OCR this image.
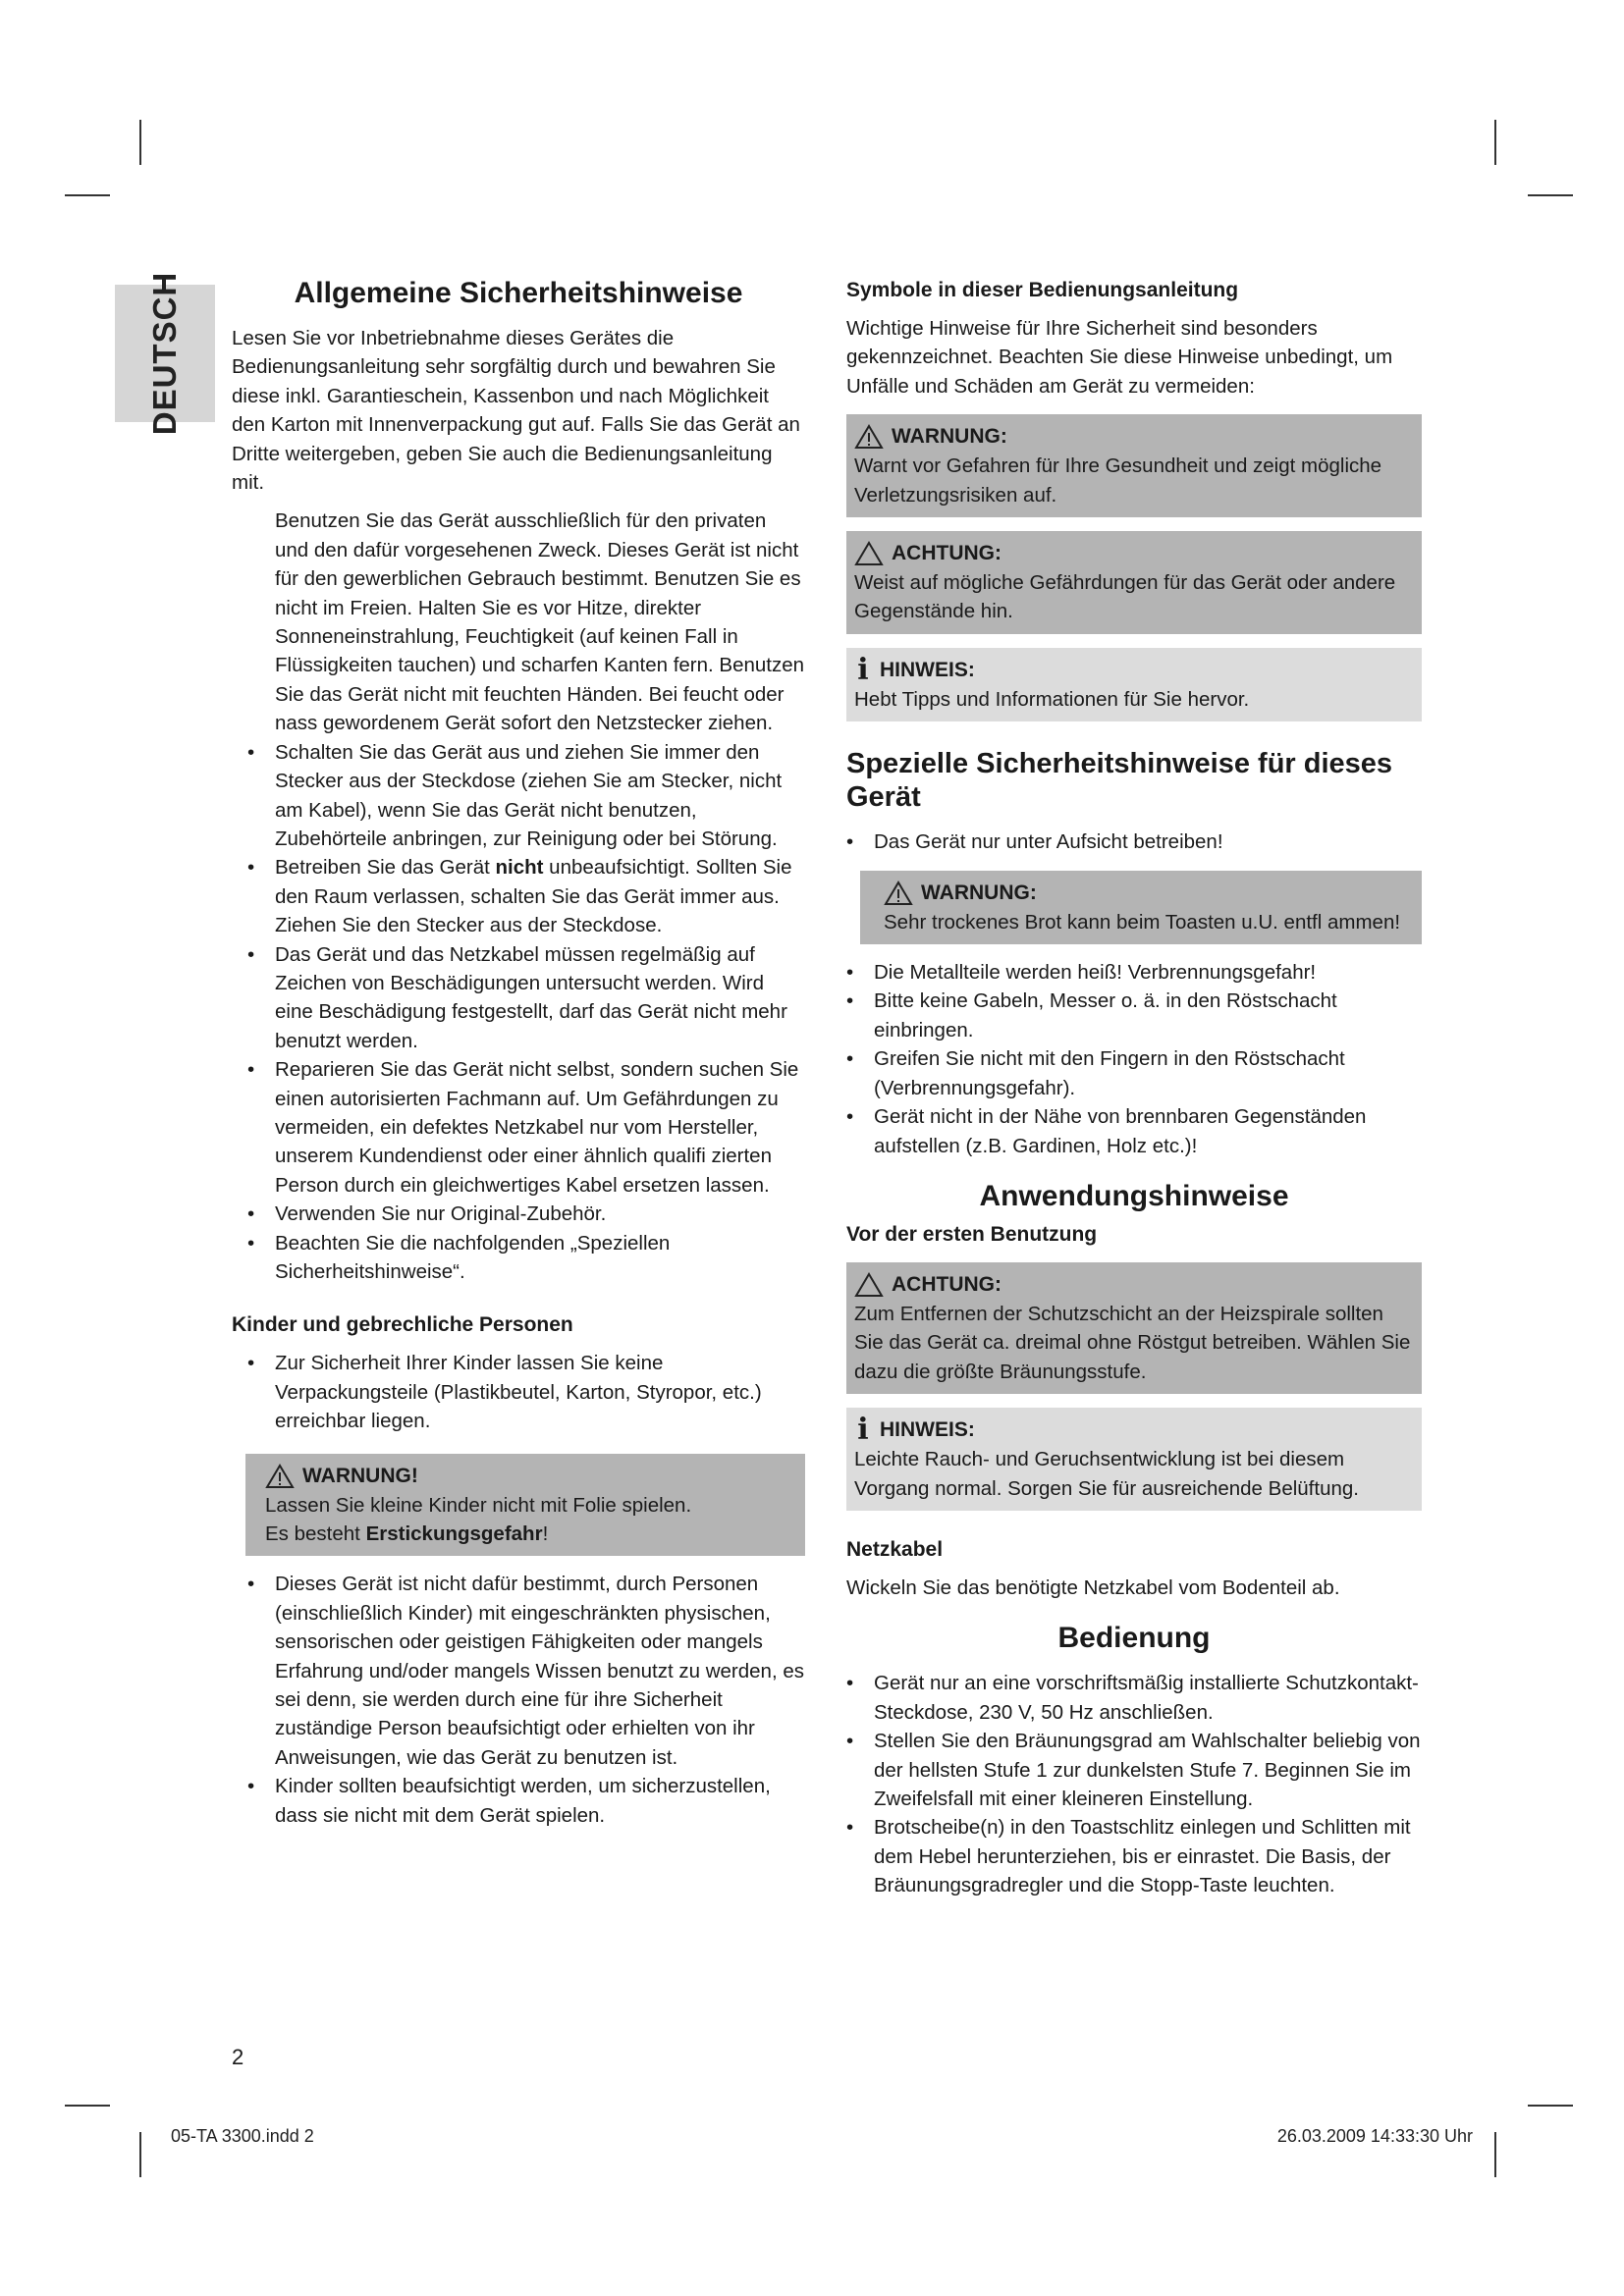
DEUTSCH	Allgemeine Sicherheitshinweise

Lesen Sie vor Inbetriebnahme dieses Gerätes die Bedienungsanleitung sehr sorgfältig durch und bewahren Sie diese inkl. Garantieschein, Kassenbon und nach Möglichkeit den Karton mit Innenverpackung gut auf. Falls Sie das Gerät an Dritte weitergeben, geben Sie auch die Bedienungsanleitung mit.

Benutzen Sie das Gerät ausschließlich für den privaten und den dafür vorgesehenen Zweck. Dieses Gerät ist nicht für den gewerblichen Gebrauch bestimmt. Benutzen Sie es nicht im Freien. Halten Sie es vor Hitze, direkter Sonneneinstrahlung, Feuchtigkeit (auf keinen Fall in Flüssigkeiten tauchen) und scharfen Kanten fern. Benutzen Sie das Gerät nicht mit feuchten Händen. Bei feucht oder nass gewordenem Gerät sofort den Netzstecker ziehen.
• Schalten Sie das Gerät aus und ziehen Sie immer den Stecker aus der Steckdose (ziehen Sie am Stecker, nicht am Kabel), wenn Sie das Gerät nicht benutzen, Zubehörteile anbringen, zur Reinigung oder bei Störung.
• Betreiben Sie das Gerät nicht unbeaufsichtigt. Sollten Sie den Raum verlassen, schalten Sie das Gerät immer aus. Ziehen Sie den Stecker aus der Steckdose.
• Das Gerät und das Netzkabel müssen regelmäßig auf Zeichen von Beschädigungen untersucht werden. Wird eine Beschädigung festgestellt, darf das Gerät nicht mehr benutzt werden.
• Reparieren Sie das Gerät nicht selbst, sondern suchen Sie einen autorisierten Fachmann auf. Um Gefährdungen zu vermeiden, ein defektes Netzkabel nur vom Hersteller, unserem Kundendienst oder einer ähnlich qualifi zierten Person durch ein gleichwertiges Kabel ersetzen lassen.
• Verwenden Sie nur Original-Zubehör.
• Beachten Sie die nachfolgenden „Speziellen Sicherheitshinweise“.
Kinder und gebrechliche Personen
• Zur Sicherheit Ihrer Kinder lassen Sie keine Verpackungsteile (Plastikbeutel, Karton, Styropor, etc.) erreichbar liegen.
WARNUNG!
Lassen Sie kleine Kinder nicht mit Folie spielen.
Es besteht Erstickungsgefahr!
• Dieses Gerät ist nicht dafür bestimmt, durch Personen (einschließlich Kinder) mit eingeschränkten physischen, sensorischen oder geistigen Fähigkeiten oder mangels Erfahrung und/oder mangels Wissen benutzt zu werden, es sei denn, sie werden durch eine für ihre Sicherheit zuständige Person beaufsichtigt oder erhielten von ihr Anweisungen, wie das Gerät zu benutzen ist.
• Kinder sollten beaufsichtigt werden, um sicherzustellen, dass sie nicht mit dem Gerät spielen.
Symbole in dieser Bedienungsanleitung

Wichtige Hinweise für Ihre Sicherheit sind besonders gekennzeichnet. Beachten Sie diese Hinweise unbedingt, um Unfälle und Schäden am Gerät zu vermeiden:

WARNUNG:
Warnt vor Gefahren für Ihre Gesundheit und zeigt mögliche Verletzungsrisiken auf.
ACHTUNG:
Weist auf mögliche Gefährdungen für das Gerät oder andere Gegenstände hin.
i HINWEIS:
Hebt Tipps und Informationen für Sie hervor.
Spezielle Sicherheitshinweise für dieses Gerät
• Das Gerät nur unter Aufsicht betreiben!
WARNUNG:
Sehr trockenes Brot kann beim Toasten u.U. entfl ammen!
• Die Metallteile werden heiß! Verbrennungsgefahr!
• Bitte keine Gabeln, Messer o. ä. in den Röstschacht einbringen.
• Greifen Sie nicht mit den Fingern in den Röstschacht (Verbrennungsgefahr).
• Gerät nicht in der Nähe von brennbaren Gegenständen aufstellen (z.B. Gardinen, Holz etc.)!
Anwendungshinweise
Vor der ersten Benutzung
ACHTUNG:
Zum Entfernen der Schutzschicht an der Heizspirale sollten Sie das Gerät ca. dreimal ohne Röstgut betreiben. Wählen Sie dazu die größte Bräunungsstufe.
i HINWEIS:
Leichte Rauch- und Geruchsentwicklung ist bei diesem Vorgang normal. Sorgen Sie für ausreichende Belüftung.
Netzkabel

Wickeln Sie das benötigte Netzkabel vom Bodenteil ab.

Bedienung
• Gerät nur an eine vorschriftsmäßig installierte Schutzkontakt-Steckdose, 230 V, 50 Hz anschließen.
• Stellen Sie den Bräunungsgrad am Wahlschalter beliebig von der hellsten Stufe 1 zur dunkelsten Stufe 7. Beginnen Sie im Zweifelsfall mit einer kleineren Einstellung.
• Brotscheibe(n) in den Toastschlitz einlegen und Schlitten mit dem Hebel herunterziehen, bis er einrastet. Die Basis, der Bräunungsgradregler und die Stopp-Taste leuchten.
2
05-TA 3300.indd 2	26.03.2009 14:33:30 Uhr
